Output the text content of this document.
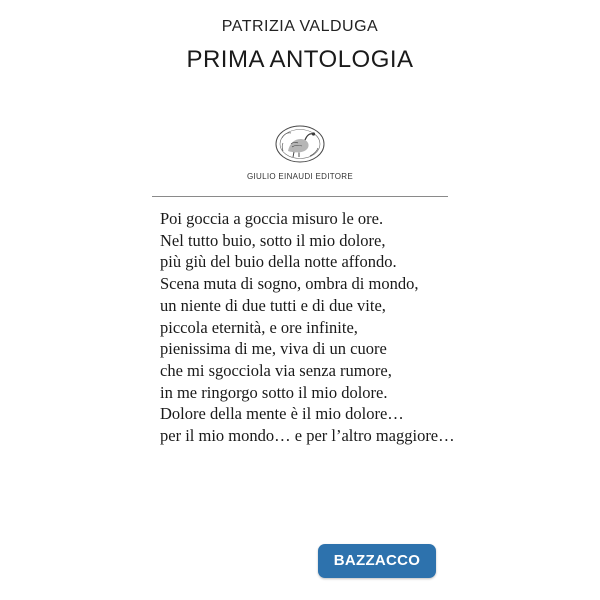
PATRIZIA VALDUGA
PRIMA ANTOLOGIA
GIULIO EINAUDI EDITORE
Poi goccia a goccia misuro le ore.
Nel tutto buio, sotto il mio dolore,
più giù del buio della notte affondo.
Scena muta di sogno, ombra di mondo,
un niente di due tutti e di due vite,
piccola eternità, e ore infinite,
pienissima di me, viva di un cuore
che mi sgocciola via senza rumore,
in me ringorgo sotto il mio dolore.
Dolore della mente è il mio dolore…
per il mio mondo… e per l’altro maggiore…
BAZZACCO
